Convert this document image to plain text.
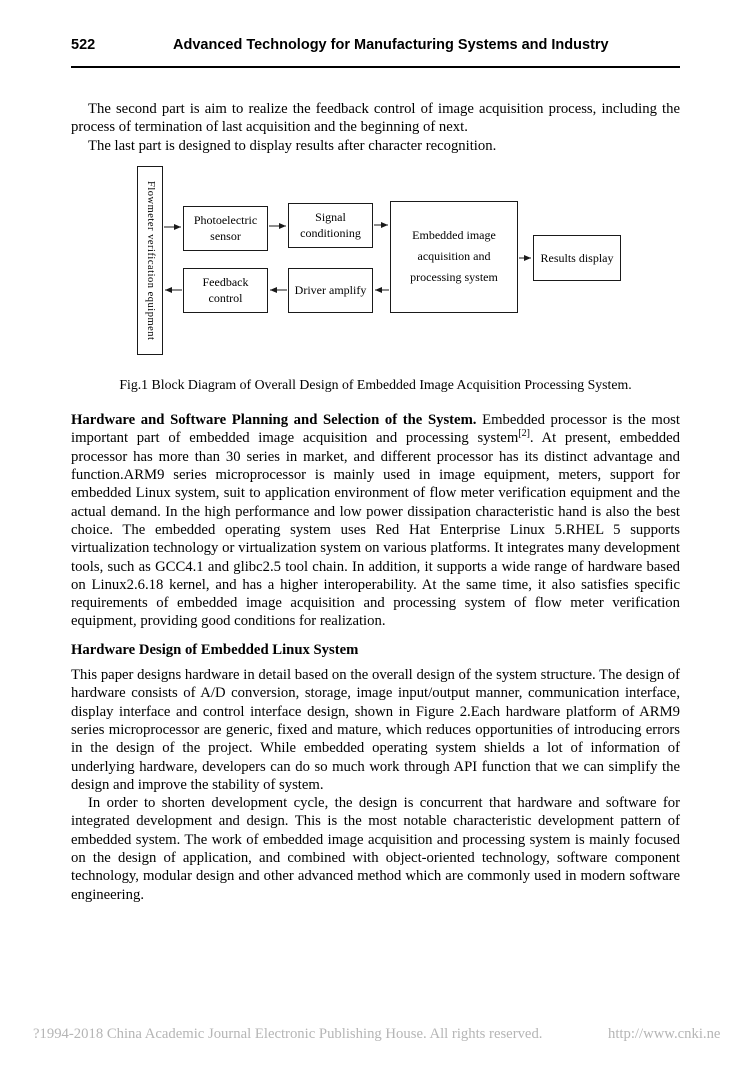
522	Advanced Technology for Manufacturing Systems and Industry

The second part is aim to realize the feedback control of image acquisition process, including the process of termination of last acquisition and the beginning of next.

The last part is designed to display results after character recognition.

Flowmeter verification equipment	Photoelectric sensor
Signal conditioning	Embedded image acquisition and processing system
Results display
Feedback control
Driver amplify

Fig.1 Block Diagram of Overall Design of Embedded Image Acquisition Processing System.

Hardware and Software Planning and Selection of the System. Embedded processor is the most important part of embedded image acquisition and processing system[2]. At present, embedded processor has more than 30 series in market, and different processor has its distinct advantage and function.ARM9 series microprocessor is mainly used in image equipment, meters, support for embedded Linux system, suit to application environment of flow meter verification equipment and the actual demand. In the high performance and low power dissipation characteristic hand is also the best choice. The embedded operating system uses Red Hat Enterprise Linux 5.RHEL 5 supports virtualization technology or virtualization system on various platforms. It integrates many development tools, such as GCC4.1 and glibc2.5 tool chain. In addition, it supports a wide range of hardware based on Linux2.6.18 kernel, and has a higher interoperability. At the same time, it also satisfies specific requirements of embedded image acquisition and processing system of flow meter verification equipment, providing good conditions for realization.

Hardware Design of Embedded Linux System

This paper designs hardware in detail based on the overall design of the system structure. The design of hardware consists of A/D conversion, storage, image input/output manner, communication interface, display interface and control interface design, shown in Figure 2.Each hardware platform of ARM9 series microprocessor are generic, fixed and mature, which reduces opportunities of introducing errors in the design of the project. While embedded operating system shields a lot of information of underlying hardware, developers can do so much work through API function that we can simplify the design and improve the stability of system.

In order to shorten development cycle, the design is concurrent that hardware and software for integrated development and design. This is the most notable characteristic development pattern of embedded system. The work of embedded image acquisition and processing system is mainly focused on the design of application, and combined with object-oriented technology, software component technology, modular design and other advanced method which are commonly used in modern software engineering.

?1994-2018 China Academic Journal Electronic Publishing House. All rights reserved.	http://www.cnki.ne
